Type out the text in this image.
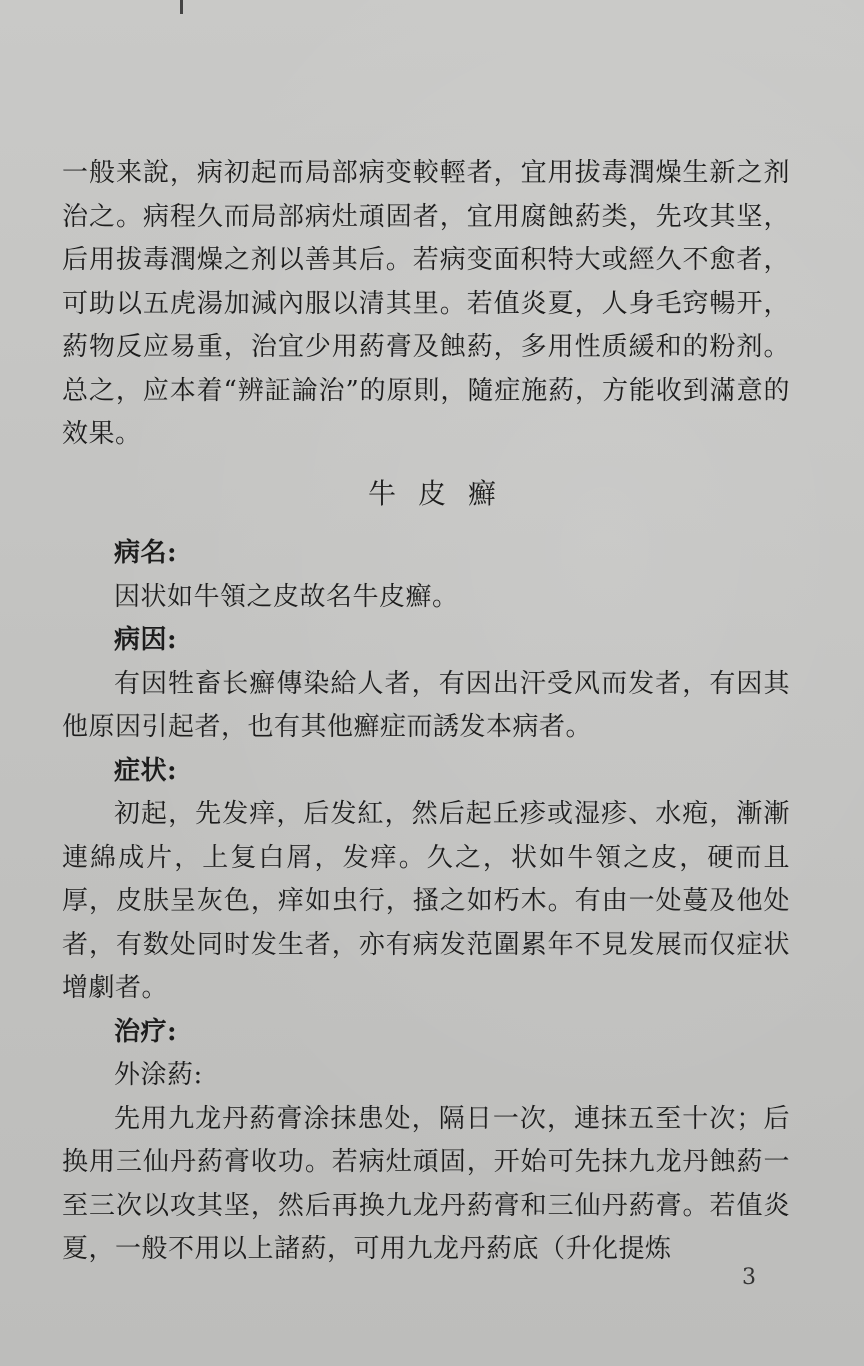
一般来說，病初起而局部病变較輕者，宜用拔毒潤燥生新之剂治之。病程久而局部病灶頑固者，宜用腐蝕葯类，先攻其坚，后用拔毒潤燥之剂以善其后。若病变面积特大或經久不愈者，可助以五虎湯加減內服以清其里。若值炎夏，人身毛窍暢开，葯物反应易重，治宜少用葯膏及蝕葯，多用性质緩和的粉剂。总之，应本着“辨証論治”的原則，隨症施葯，方能收到滿意的效果。

牛皮癬

病名:

因状如牛領之皮故名牛皮癬。

病因:

有因牲畜长癬傳染給人者，有因出汗受风而发者，有因其他原因引起者，也有其他癬症而誘发本病者。

症状:

初起，先发痒，后发紅，然后起丘疹或湿疹、水疱，漸漸連綿成片，上复白屑，发痒。久之，状如牛領之皮，硬而且厚，皮肤呈灰色，痒如虫行，搔之如朽木。有由一处蔓及他处者，有数处同时发生者，亦有病发范圍累年不見发展而仅症状增劇者。

治疗:

外涂葯:

先用九龙丹葯膏涂抹患处，隔日一次，連抹五至十次；后换用三仙丹葯膏收功。若病灶頑固，开始可先抹九龙丹蝕葯一至三次以攻其坚，然后再换九龙丹葯膏和三仙丹葯膏。若值炎夏，一般不用以上諸葯，可用九龙丹葯底（升化提炼

3
